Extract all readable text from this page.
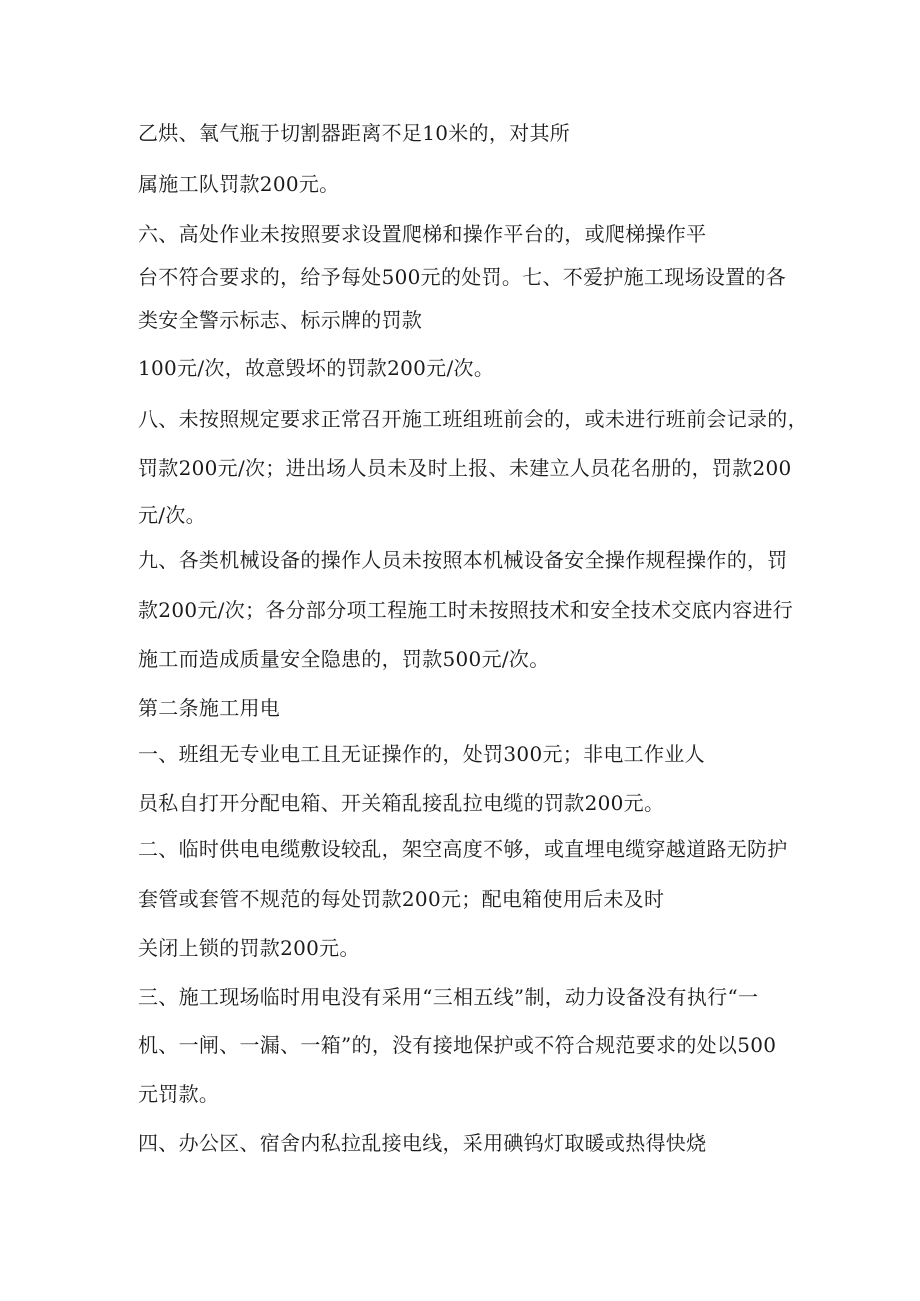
乙烘、氧气瓶于切割器距离不足10米的，对其所
属施工队罚款200元。
六、高处作业未按照要求设置爬梯和操作平台的，或爬梯操作平
台不符合要求的，给予每处500元的处罚。七、不爱护施工现场设置的各
类安全警示标志、标示牌的罚款
100元/次，故意毁坏的罚款200元/次。
八、未按照规定要求正常召开施工班组班前会的，或未进行班前会记录的，
罚款200元/次；进出场人员未及时上报、未建立人员花名册的，罚款200
元/次。
九、各类机械设备的操作人员未按照本机械设备安全操作规程操作的，罚
款200元/次；各分部分项工程施工时未按照技术和安全技术交底内容进行
施工而造成质量安全隐患的，罚款500元/次。
第二条施工用电
一、班组无专业电工且无证操作的，处罚300元；非电工作业人
员私自打开分配电箱、开关箱乱接乱拉电缆的罚款200元。
二、临时供电电缆敷设较乱，架空高度不够，或直埋电缆穿越道路无防护
套管或套管不规范的每处罚款200元；配电箱使用后未及时
关闭上锁的罚款200元。
三、施工现场临时用电没有采用“三相五线”制，动力设备没有执行“一
机、一闸、一漏、一箱”的，没有接地保护或不符合规范要求的处以500
元罚款。
四、办公区、宿舍内私拉乱接电线，采用碘钨灯取暖或热得快烧
